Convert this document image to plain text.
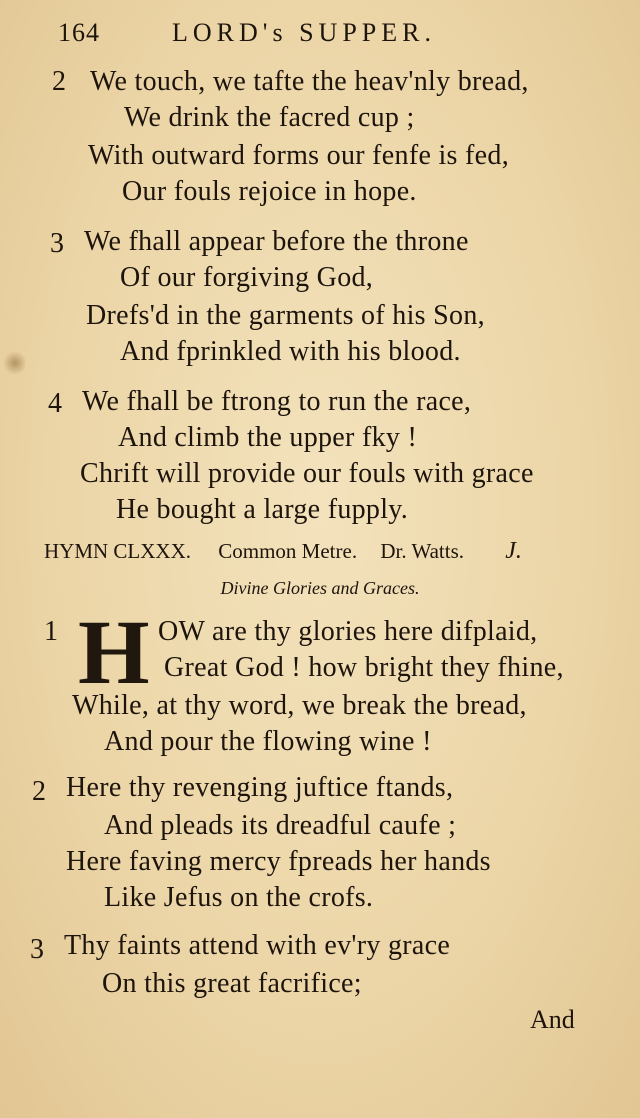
164	LORD's SUPPER.
2 We touch, we tafte the heav'nly bread,
We drink the facred cup ;
With outward forms our fenfe is fed,
Our fouls rejoice in hope.
3 We fhall appear before the throne
Of our forgiving God,
Drefs'd in the garments of his Son,
And fprinkled with his blood.
4 We fhall be ftrong to run the race,
And climb the upper fky !
Chrift will provide our fouls with grace
He bought a large fupply.
HYMN CLXXX. Common Metre. Dr. Watts. J.
Divine Glories and Graces.
1 H OW are thy glories here difplaid,
Great God ! how bright they fhine,
While, at thy word, we break the bread,
And pour the flowing wine !
2 Here thy revenging juftice ftands,
And pleads its dreadful caufe ;
Here faving mercy fpreads her hands
Like Jefus on the crofs.
3 Thy faints attend with ev'ry grace
On this great facrifice;
And
